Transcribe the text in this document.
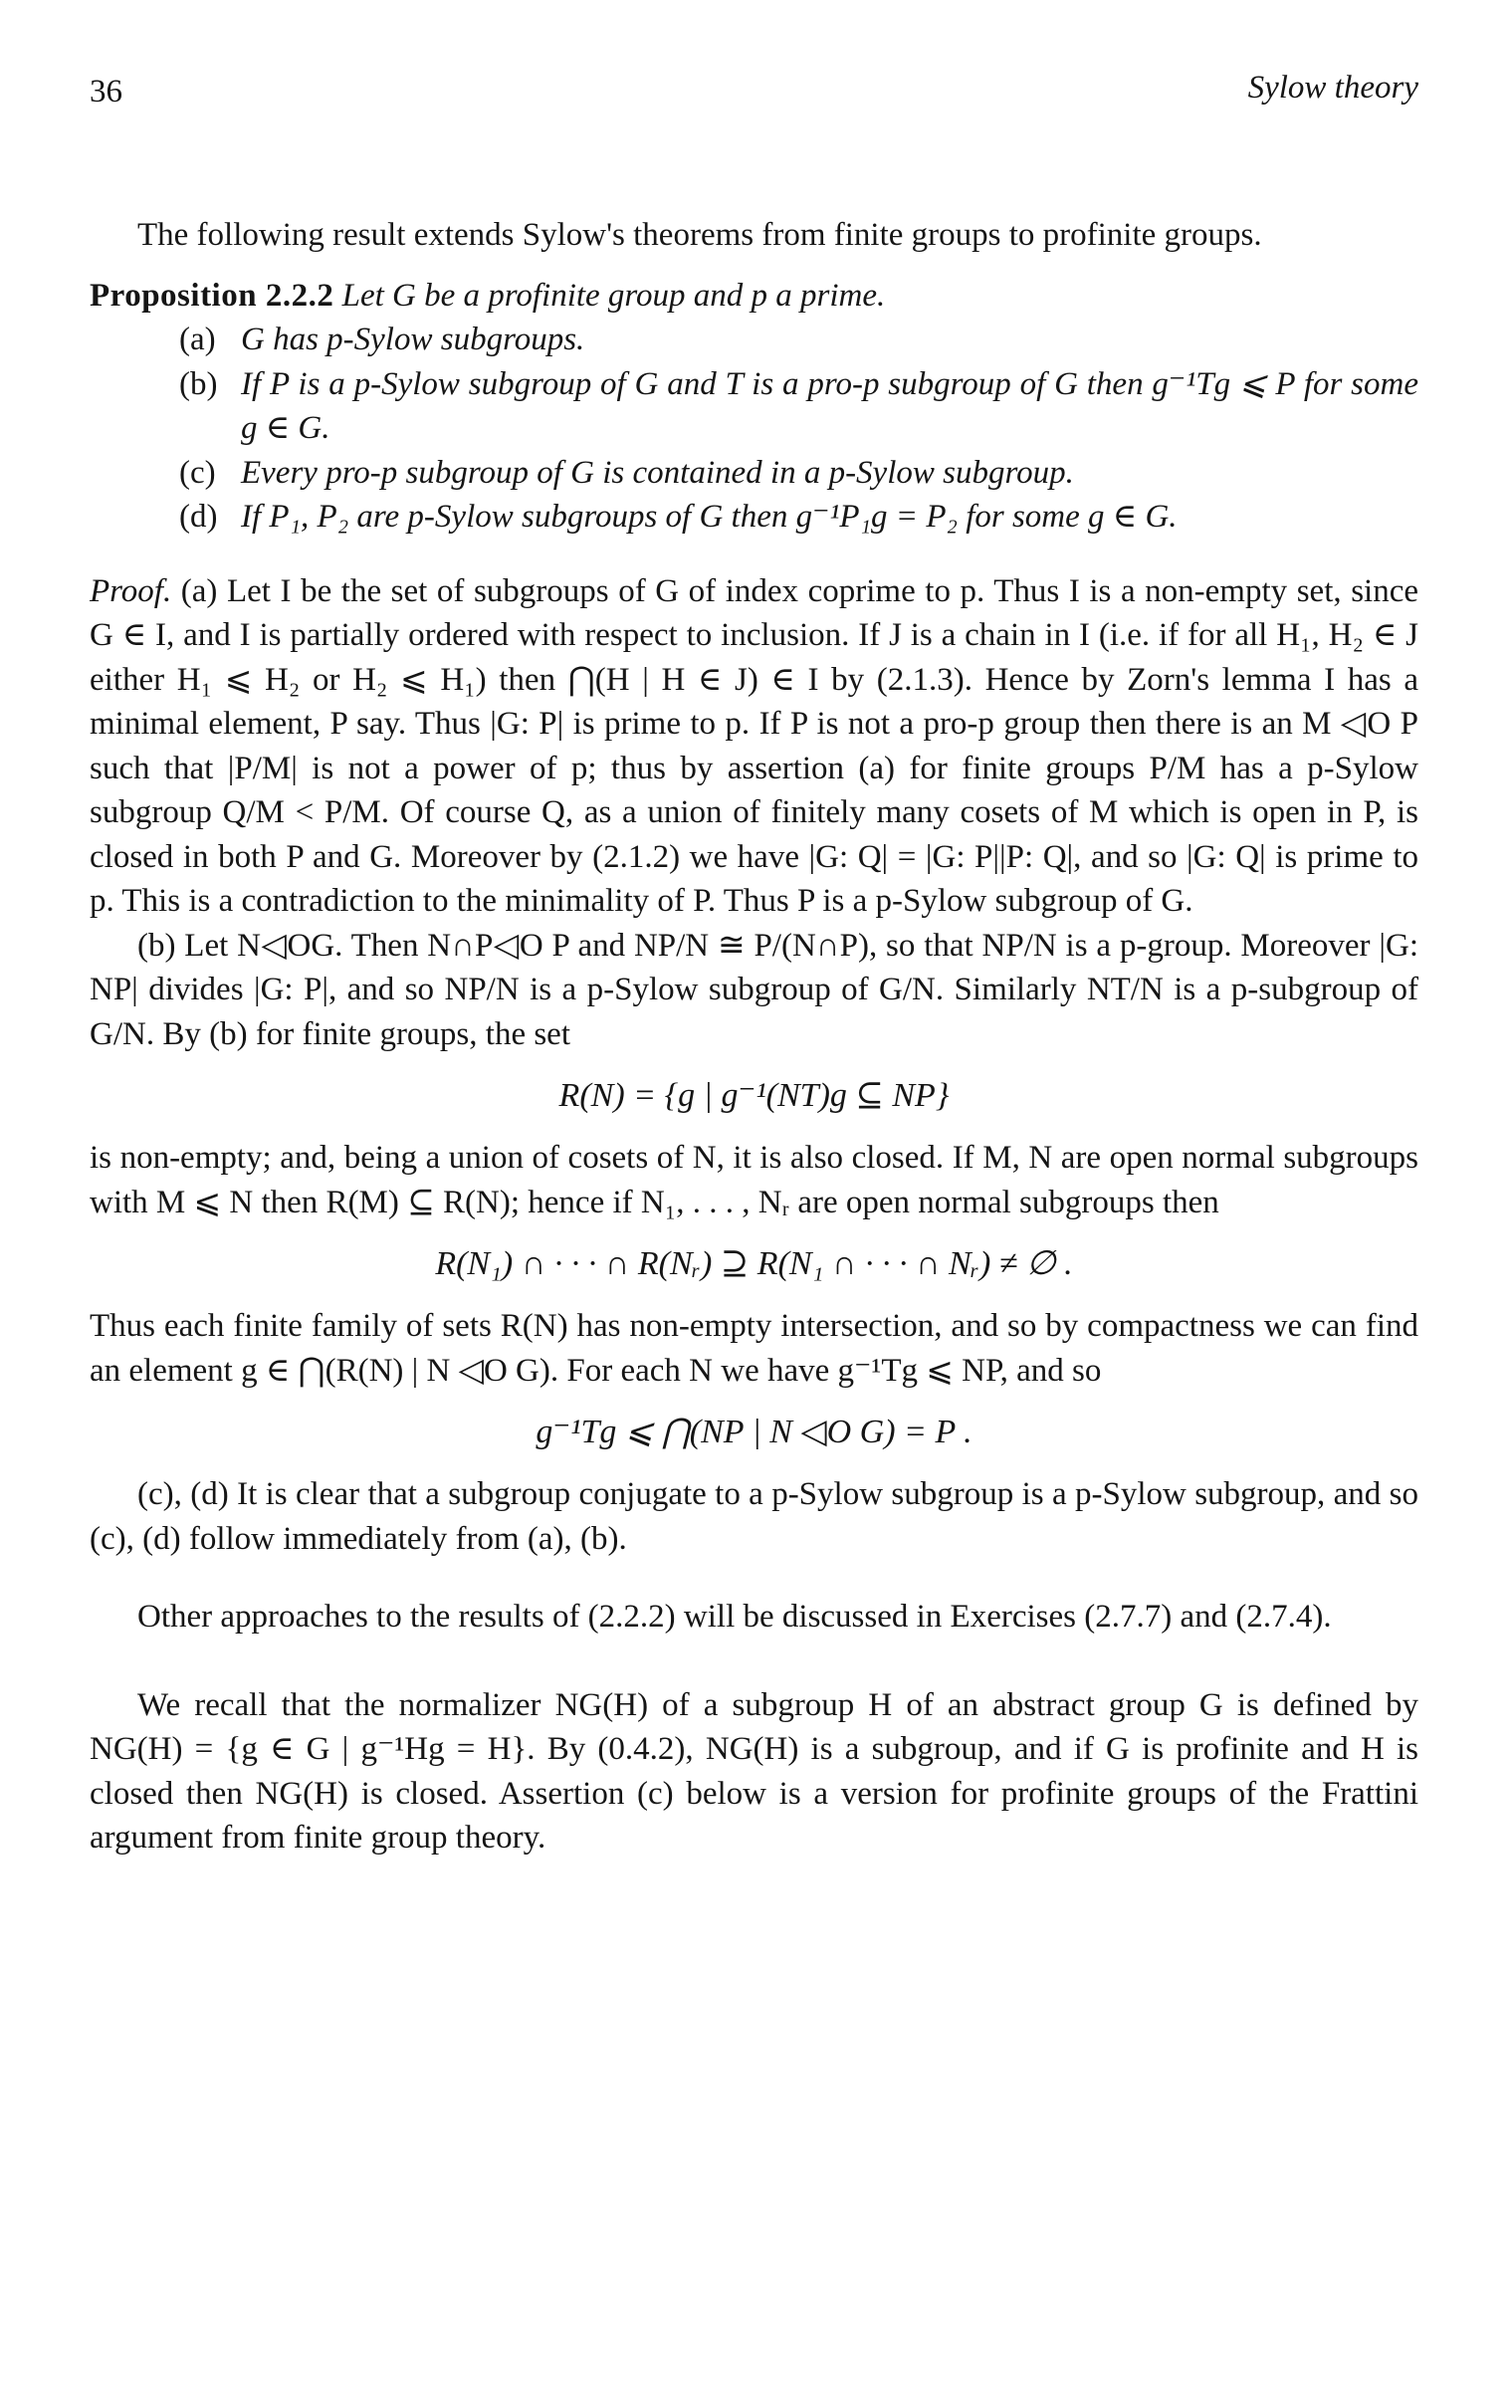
36	Sylow theory

The following result extends Sylow's theorems from finite groups to profinite groups.

Proposition 2.2.2 Let G be a profinite group and p a prime.

(a) G has p-Sylow subgroups.
(b) If P is a p-Sylow subgroup of G and T is a pro-p subgroup of G then g⁻¹Tg ⩽ P for some g ∈ G.
(c) Every pro-p subgroup of G is contained in a p-Sylow subgroup.
(d) If P₁, P₂ are p-Sylow subgroups of G then g⁻¹P₁g = P₂ for some g ∈ G.

Proof. (a) Let I be the set of subgroups of G of index coprime to p. Thus I is a non-empty set, since G ∈ I, and I is partially ordered with respect to inclusion. If J is a chain in I (i.e. if for all H₁, H₂ ∈ J either H₁ ⩽ H₂ or H₂ ⩽ H₁) then ⋂(H | H ∈ J) ∈ I by (2.1.3). Hence by Zorn's lemma I has a minimal element, P say. Thus |G: P| is prime to p. If P is not a pro-p group then there is an M ◁O P such that |P/M| is not a power of p; thus by assertion (a) for finite groups P/M has a p-Sylow subgroup Q/M < P/M. Of course Q, as a union of finitely many cosets of M which is open in P, is closed in both P and G. Moreover by (2.1.2) we have |G: Q| = |G: P||P: Q|, and so |G: Q| is prime to p. This is a contradiction to the minimality of P. Thus P is a p-Sylow subgroup of G.

(b) Let N◁OG. Then N∩P◁O P and NP/N ≅ P/(N∩P), so that NP/N is a p-group. Moreover |G: NP| divides |G: P|, and so NP/N is a p-Sylow subgroup of G/N. Similarly NT/N is a p-subgroup of G/N. By (b) for finite groups, the set

R(N) = {g | g⁻¹(NT)g ⊆ NP}

is non-empty; and, being a union of cosets of N, it is also closed. If M, N are open normal subgroups with M ⩽ N then R(M) ⊆ R(N); hence if N₁, . . . , Nᵣ are open normal subgroups then

R(N₁) ∩ · · · ∩ R(Nᵣ) ⊇ R(N₁ ∩ · · · ∩ Nᵣ) ≠ ∅ .

Thus each finite family of sets R(N) has non-empty intersection, and so by compactness we can find an element g ∈ ⋂(R(N) | N ◁O G). For each N we have g⁻¹Tg ⩽ NP, and so

g⁻¹Tg ⩽ ⋂(NP | N ◁O G) = P .

(c), (d) It is clear that a subgroup conjugate to a p-Sylow subgroup is a p-Sylow subgroup, and so (c), (d) follow immediately from (a), (b).

Other approaches to the results of (2.2.2) will be discussed in Exercises (2.7.7) and (2.7.4).

We recall that the normalizer NG(H) of a subgroup H of an abstract group G is defined by NG(H) = {g ∈ G | g⁻¹Hg = H}. By (0.4.2), NG(H) is a subgroup, and if G is profinite and H is closed then NG(H) is closed. Assertion (c) below is a version for profinite groups of the Frattini argument from finite group theory.
